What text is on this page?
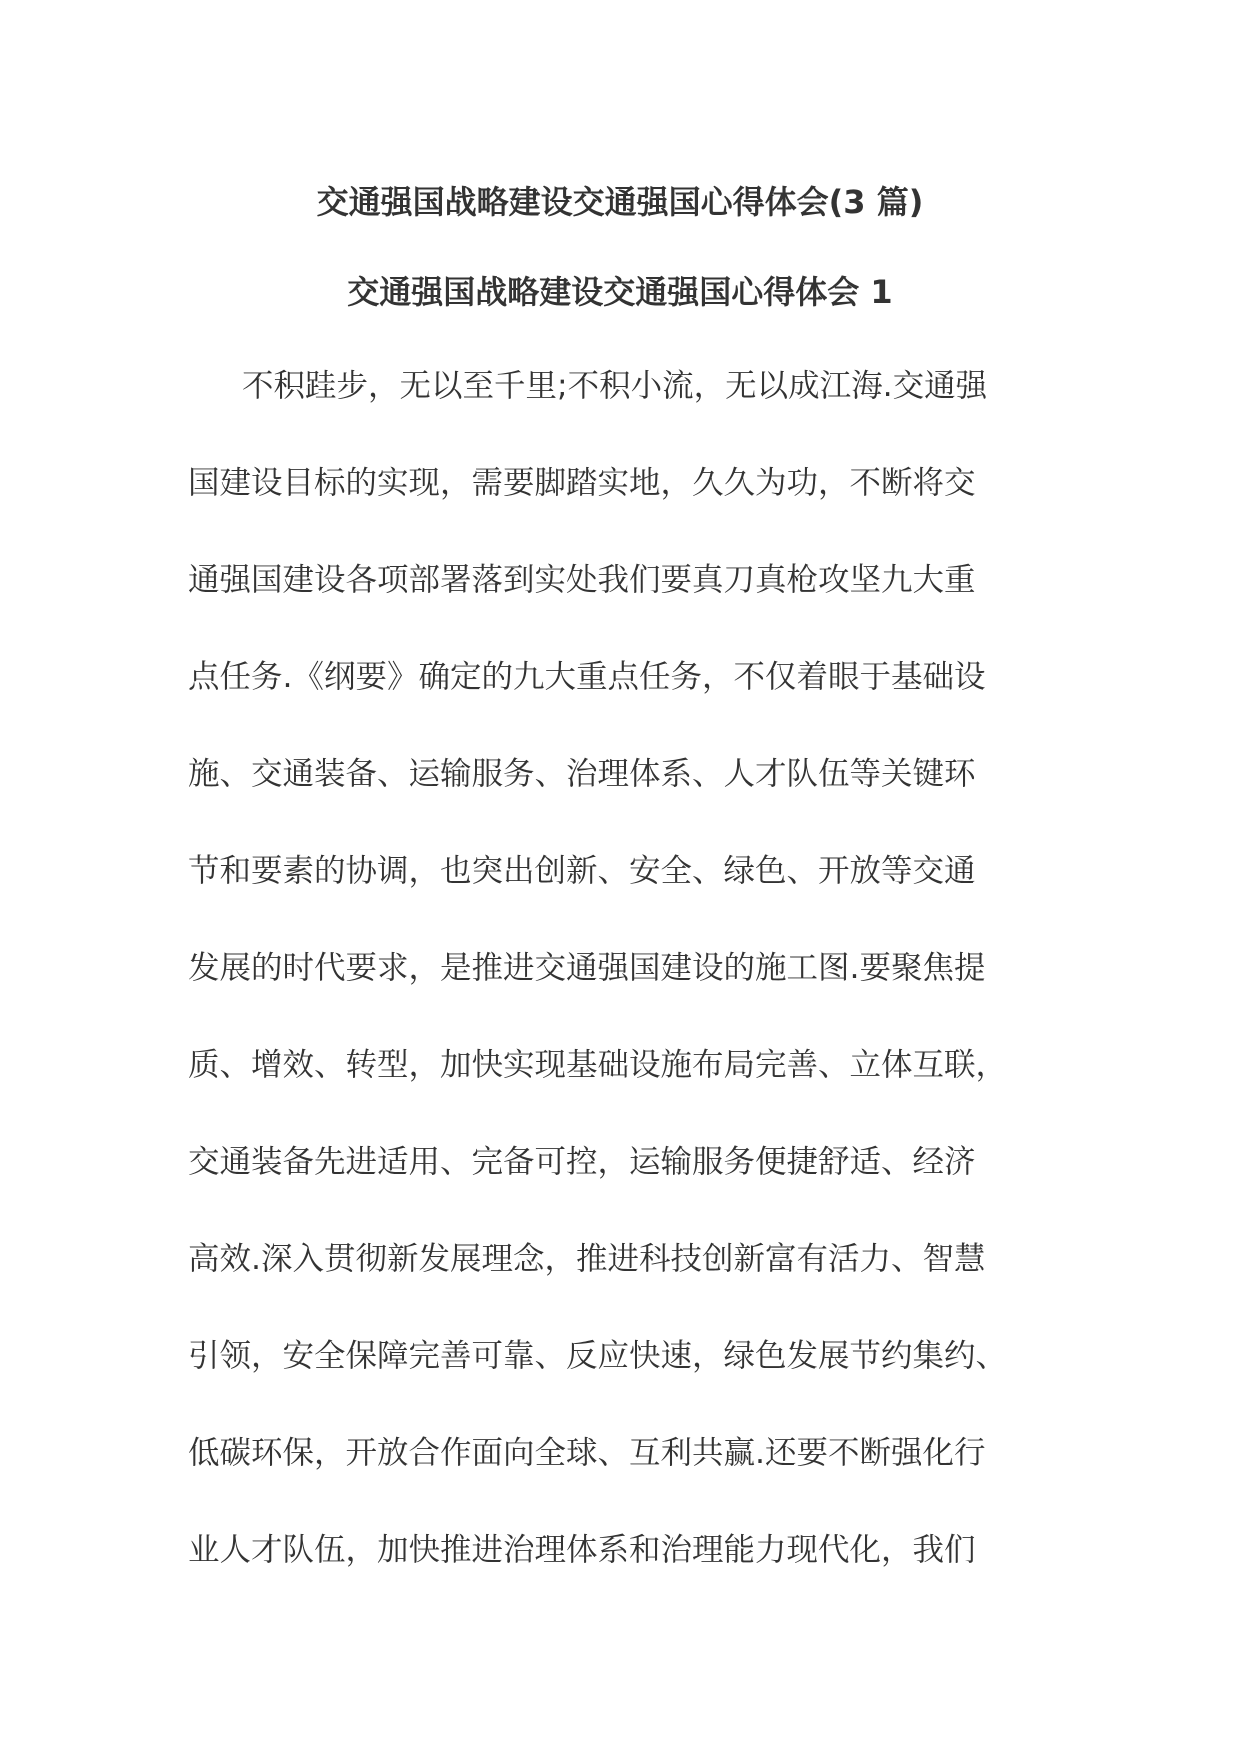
交通强国战略建设交通强国心得体会(3 篇)
交通强国战略建设交通强国心得体会 1
不积跬步，无以至千里;不积小流，无以成江海.交通强
国建设目标的实现，需要脚踏实地，久久为功，不断将交
通强国建设各项部署落到实处我们要真刀真枪攻坚九大重
点任务.《纲要》确定的九大重点任务，不仅着眼于基础设
施、交通装备、运输服务、治理体系、人才队伍等关键环
节和要素的协调，也突出创新、安全、绿色、开放等交通
发展的时代要求，是推进交通强国建设的施工图.要聚焦提
质、增效、转型，加快实现基础设施布局完善、立体互联，
交通装备先进适用、完备可控，运输服务便捷舒适、经济
高效.深入贯彻新发展理念，推进科技创新富有活力、智慧
引领，安全保障完善可靠、反应快速，绿色发展节约集约、
低碳环保，开放合作面向全球、互利共赢.还要不断强化行
业人才队伍，加快推进治理体系和治理能力现代化，我们
